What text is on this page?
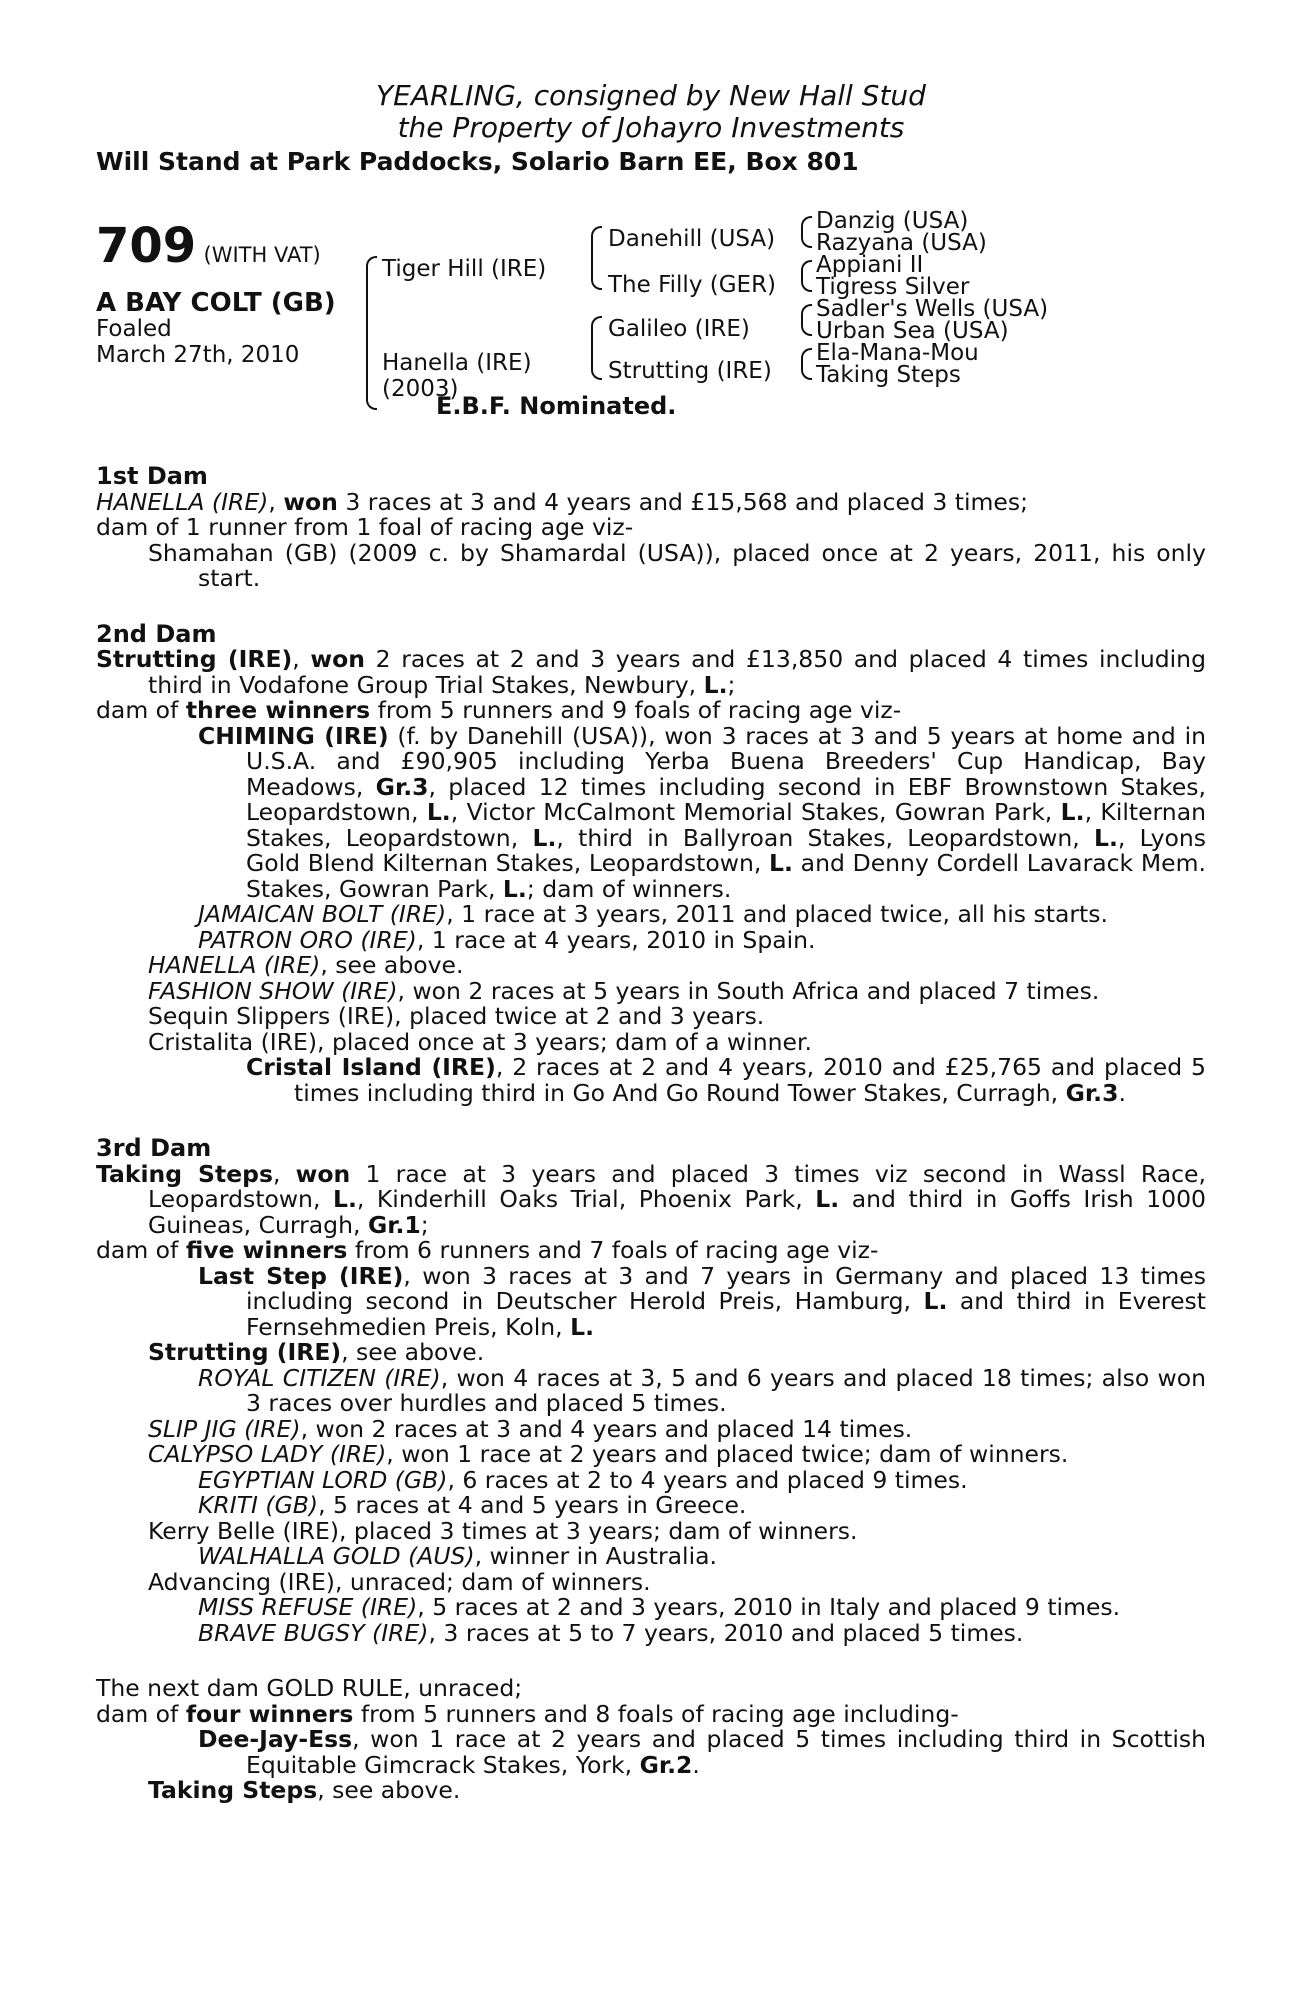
YEARLING, consigned by New Hall Stud
the Property of Johayro Investments
Will Stand at Park Paddocks, Solario Barn EE, Box 801
709 (WITH VAT)
A BAY COLT (GB)
Foaled
March 27th, 2010
Tiger Hill (IRE)
Hanella (IRE)
(2003)
Danehill (USA)
The Filly (GER)
Galileo (IRE)
Strutting (IRE)
Danzig (USA)
Razyana (USA)
Appiani II
Tigress Silver
Sadler's Wells (USA)
Urban Sea (USA)
Ela-Mana-Mou
Taking Steps
E.B.F. Nominated.
1st Dam

HANELLA (IRE), won 3 races at 3 and 4 years and £15,568 and placed 3 times;

dam of 1 runner from 1 foal of racing age viz-

Shamahan (GB) (2009 c. by Shamardal (USA)), placed once at 2 years, 2011, his only start.

2nd Dam

Strutting (IRE), won 2 races at 2 and 3 years and £13,850 and placed 4 times including third in Vodafone Group Trial Stakes, Newbury, L.;

dam of three winners from 5 runners and 9 foals of racing age viz-

CHIMING (IRE) (f. by Danehill (USA)), won 3 races at 3 and 5 years at home and in U.S.A. and £90,905 including Yerba Buena Breeders' Cup Handicap, Bay Meadows, Gr.3, placed 12 times including second in EBF Brownstown Stakes, Leopardstown, L., Victor McCalmont Memorial Stakes, Gowran Park, L., Kilternan Stakes, Leopardstown, L., third in Ballyroan Stakes, Leopardstown, L., Lyons Gold Blend Kilternan Stakes, Leopardstown, L. and Denny Cordell Lavarack Mem. Stakes, Gowran Park, L.; dam of winners.

JAMAICAN BOLT (IRE), 1 race at 3 years, 2011 and placed twice, all his starts.

PATRON ORO (IRE), 1 race at 4 years, 2010 in Spain.

HANELLA (IRE), see above.

FASHION SHOW (IRE), won 2 races at 5 years in South Africa and placed 7 times.

Sequin Slippers (IRE), placed twice at 2 and 3 years.

Cristalita (IRE), placed once at 3 years; dam of a winner.

Cristal Island (IRE), 2 races at 2 and 4 years, 2010 and £25,765 and placed 5 times including third in Go And Go Round Tower Stakes, Curragh, Gr.3.

3rd Dam

Taking Steps, won 1 race at 3 years and placed 3 times viz second in Wassl Race, Leopardstown, L., Kinderhill Oaks Trial, Phoenix Park, L. and third in Goffs Irish 1000 Guineas, Curragh, Gr.1;

dam of five winners from 6 runners and 7 foals of racing age viz-

Last Step (IRE), won 3 races at 3 and 7 years in Germany and placed 13 times including second in Deutscher Herold Preis, Hamburg, L. and third in Everest Fernsehmedien Preis, Koln, L.

Strutting (IRE), see above.

ROYAL CITIZEN (IRE), won 4 races at 3, 5 and 6 years and placed 18 times; also won 3 races over hurdles and placed 5 times.

SLIP JIG (IRE), won 2 races at 3 and 4 years and placed 14 times.

CALYPSO LADY (IRE), won 1 race at 2 years and placed twice; dam of winners.

EGYPTIAN LORD (GB), 6 races at 2 to 4 years and placed 9 times.

KRITI (GB), 5 races at 4 and 5 years in Greece.

Kerry Belle (IRE), placed 3 times at 3 years; dam of winners.

WALHALLA GOLD (AUS), winner in Australia.

Advancing (IRE), unraced; dam of winners.

MISS REFUSE (IRE), 5 races at 2 and 3 years, 2010 in Italy and placed 9 times.

BRAVE BUGSY (IRE), 3 races at 5 to 7 years, 2010 and placed 5 times.

The next dam GOLD RULE, unraced;

dam of four winners from 5 runners and 8 foals of racing age including-

Dee-Jay-Ess, won 1 race at 2 years and placed 5 times including third in Scottish Equitable Gimcrack Stakes, York, Gr.2.

Taking Steps, see above.
